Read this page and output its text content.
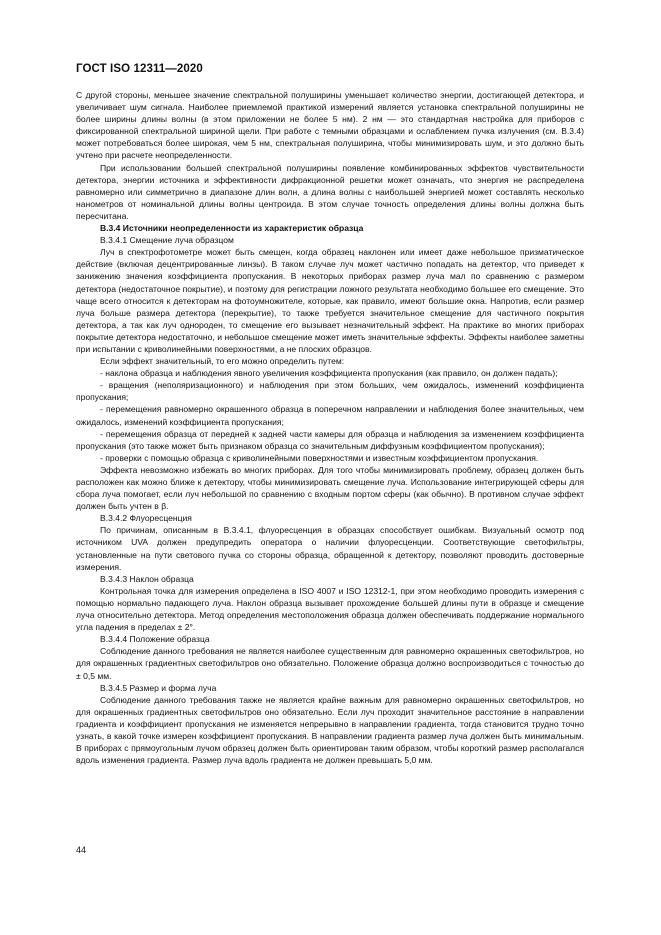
ГОСТ ISO 12311—2020

С другой стороны, меньшее значение спектральной полуширины уменьшает количество энергии, достигающей детектора, и увеличивает шум сигнала. Наиболее приемлемой практикой измерений является установка спектральной полуширины не более ширины длины волны (в этом приложении не более 5 нм). 2 нм — это стандартная настройка для приборов с фиксированной спектральной шириной щели. При работе с темными образцами и ослаблением пучка излучения (см. В.3.4) может потребоваться более широкая, чем 5 нм, спектральная полуширина, чтобы минимизировать шум, и это должно быть учтено при расчете неопределенности.

При использовании большей спектральной полуширины появление комбинированных эффектов чувствительности детектора, энергии источника и эффективности дифракционной решетки может означать, что энергия не распределена равномерно или симметрично в диапазоне длин волн, а длина волны с наибольшей энергией может составлять несколько нанометров от номинальной длины волны центроида. В этом случае точность определения длины волны должна быть пересчитана.

В.3.4 Источники неопределенности из характеристик образца

В.3.4.1 Смещение луча образцом

Луч в спектрофотометре может быть смещен, когда образец наклонен или имеет даже небольшое призматическое действие (включая децентрированные линзы). В таком случае луч может частично попадать на детектор, что приведет к занижению значения коэффициента пропускания. В некоторых приборах размер луча мал по сравнению с размером детектора (недостаточное покрытие), и поэтому для регистрации ложного результата необходимо большее его смещение. Это чаще всего относится к детекторам на фотоумножителе, которые, как правило, имеют большие окна. Напротив, если размер луча больше размера детектора (перекрытие), то также требуется значительное смещение для частичного покрытия детектора, а так как луч однороден, то смещение его вызывает незначительный эффект. На практике во многих приборах покрытие детектора недостаточно, и небольшое смещение может иметь значительные эффекты. Эффекты наиболее заметны при испытании с криволинейными поверхностями, а не плоских образцов.

Если эффект значительный, то его можно определить путем:

- наклона образца и наблюдения явного увеличения коэффициента пропускания (как правило, он должен падать);

- вращения (неполяризационного) и наблюдения при этом больших, чем ожидалось, изменений коэффициента пропускания;

- перемещения равномерно окрашенного образца в поперечном направлении и наблюдения более значительных, чем ожидалось, изменений коэффициента пропускания;

- перемещения образца от передней к задней части камеры для образца и наблюдения за изменением коэффициента пропускания (это также может быть признаком образца со значительным диффузным коэффициентом пропускания);

- проверки с помощью образца с криволинейными поверхностями и известным коэффициентом пропускания.

Эффекта невозможно избежать во многих приборах. Для того чтобы минимизировать проблему, образец должен быть расположен как можно ближе к детектору, чтобы минимизировать смещение луча. Использование интегрирующей сферы для сбора луча помогает, если луч небольшой по сравнению с входным портом сферы (как обычно). В противном случае эффект должен быть учтен в β.

В.3.4.2 Флуоресценция

По причинам, описанным в В.3.4.1, флуоресценция в образцах способствует ошибкам. Визуальный осмотр под источником UVA должен предупредить оператора о наличии флуоресценции. Соответствующие светофильтры, установленные на пути светового пучка со стороны образца, обращенной к детектору, позволяют проводить достоверные измерения.

В.3.4.3 Наклон образца

Контрольная точка для измерения определена в ISO 4007 и ISO 12312-1, при этом необходимо проводить измерения с помощью нормально падающего луча. Наклон образца вызывает прохождение большей длины пути в образце и смещение луча относительно детектора. Метод определения местоположения образца должен обеспечивать поддержание нормального угла падения в пределах ± 2°.

В.3.4.4 Положение образца

Соблюдение данного требования не является наиболее существенным для равномерно окрашенных светофильтров, но для окрашенных градиентных светофильтров оно обязательно. Положение образца должно воспроизводиться с точностью до ± 0,5 мм.

В.3.4.5 Размер и форма луча

Соблюдение данного требования также не является крайне важным для равномерно окрашенных светофильтров, но для окрашенных градиентных светофильтров оно обязательно. Если луч проходит значительное расстояние в направлении градиента и коэффициент пропускания не изменяется непрерывно в направлении градиента, тогда становится трудно точно узнать, в какой точке измерен коэффициент пропускания. В направлении градиента размер луча должен быть минимальным. В приборах с прямоугольным лучом образец должен быть ориентирован таким образом, чтобы короткий размер располагался вдоль изменения градиента. Размер луча вдоль градиента не должен превышать 5,0 мм.

44
